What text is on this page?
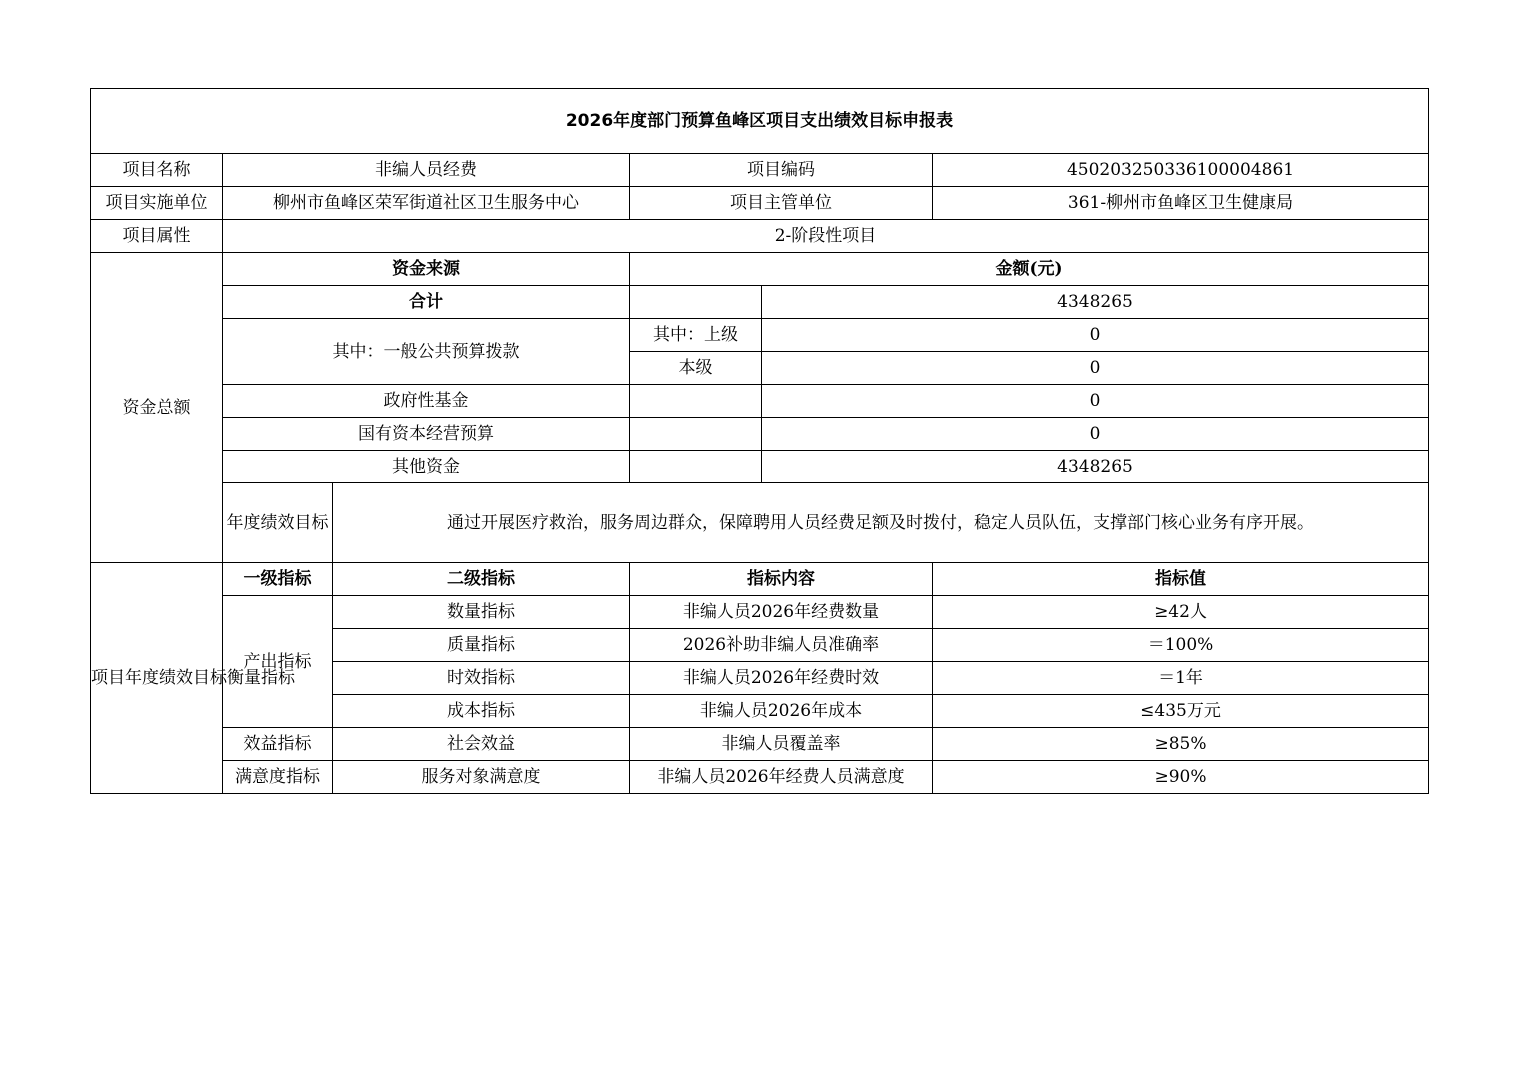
2026年度部门预算鱼峰区项目支出绩效目标申报表					
项目名称	非编人员经费		项目编码		450203250336100004861
项目实施单位	柳州市鱼峰区荣军街道社区卫生服务中心		项目主管单位		361-柳州市鱼峰区卫生健康局
项目属性	2-阶段性项目				
资金总额	资金来源		金额(元)		
	合计			4348265	
	其中：一般公共预算拨款		其中：上级	0	
			本级	0	
	政府性基金			0	
	国有资本经营预算			0	
	其他资金			4348265	
	年度绩效目标	通过开展医疗救治，服务周边群众，保障聘用人员经费足额及时拨付，稳定人员队伍，支撑部门核心业务有序开展。			
项目年度绩效目标衡量指标	一级指标	二级指标	指标内容		指标值
	产出指标	数量指标	非编人员2026年经费数量		≥42人
		质量指标	2026补助非编人员准确率		＝100%
		时效指标	非编人员2026年经费时效		＝1年
		成本指标	非编人员2026年成本		≤435万元
	效益指标	社会效益	非编人员覆盖率		≥85%
	满意度指标	服务对象满意度	非编人员2026年经费人员满意度		≥90%
